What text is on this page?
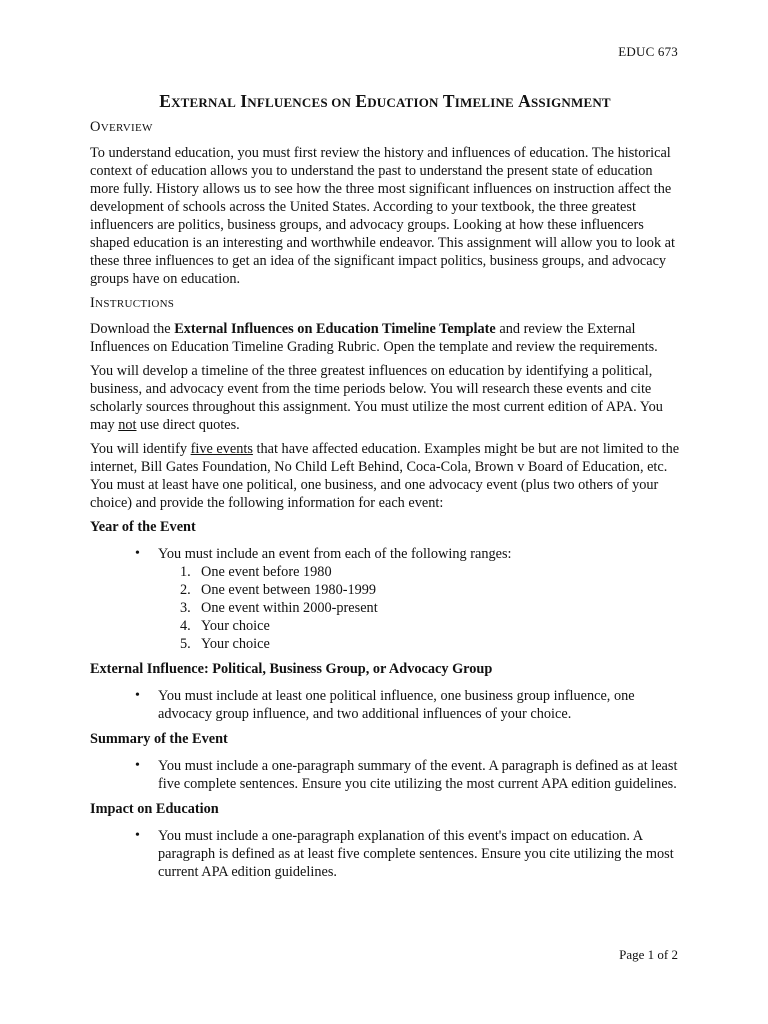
EDUC 673
EXTERNAL INFLUENCES ON EDUCATION TIMELINE ASSIGNMENT
OVERVIEW

To understand education, you must first review the history and influences of education. The historical context of education allows you to understand the past to understand the present state of education more fully. History allows us to see how the three most significant influences on instruction affect the development of schools across the United States. According to your textbook, the three greatest influencers are politics, business groups, and advocacy groups. Looking at how these influencers shaped education is an interesting and worthwhile endeavor. This assignment will allow you to look at these three influences to get an idea of the significant impact politics, business groups, and advocacy groups have on education.

INSTRUCTIONS

Download the External Influences on Education Timeline Template and review the External Influences on Education Timeline Grading Rubric. Open the template and review the requirements.

You will develop a timeline of the three greatest influences on education by identifying a political, business, and advocacy event from the time periods below. You will research these events and cite scholarly sources throughout this assignment. You must utilize the most current edition of APA. You may not use direct quotes.

You will identify five events that have affected education. Examples might be but are not limited to the internet, Bill Gates Foundation, No Child Left Behind, Coca-Cola, Brown v Board of Education, etc. You must at least have one political, one business, and one advocacy event (plus two others of your choice) and provide the following information for each event:

Year of the Event
• You must include an event from each of the following ranges:
1. One event before 1980
2. One event between 1980-1999
3. One event within 2000-present
4. Your choice
5. Your choice
External Influence: Political, Business Group, or Advocacy Group
• You must include at least one political influence, one business group influence, one advocacy group influence, and two additional influences of your choice.
Summary of the Event
• You must include a one-paragraph summary of the event. A paragraph is defined as at least five complete sentences. Ensure you cite utilizing the most current APA edition guidelines.
Impact on Education
• You must include a one-paragraph explanation of this event's impact on education. A paragraph is defined as at least five complete sentences. Ensure you cite utilizing the most current APA edition guidelines.
Page 1 of 2
